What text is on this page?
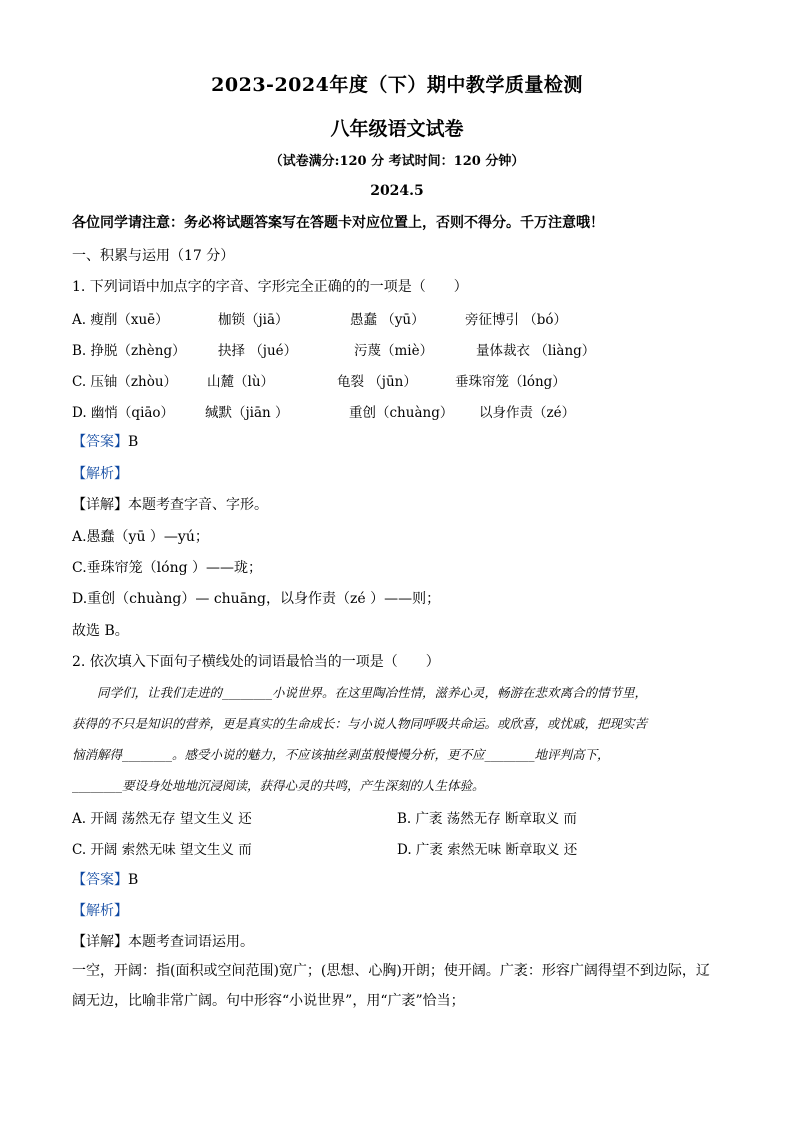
2023-2024年度（下）期中教学质量检测
八年级语文试卷
（试卷满分:120 分 考试时间：120 分钟）
2024.5
各位同学请注意：务必将试题答案写在答题卡对应位置上，否则不得分。千万注意哦！
一、积累与运用（17 分）
1. 下列词语中加点字的字音、字形完全正确的的一项是（　　）
A. 瘦削（xuē）	枷锁（jiā）	愚蠢 （yū）	旁征博引 （bó）
B. 挣脱（zhèng） 抉择 （jué）	污蔑（miè）	量体裁衣 （liàng）
C. 压铀（zhòu） 山麓（lù）	龟裂 （jūn）	垂珠帘笼（lóng）
D. 幽悄（qiāo） 缄默（jiān ）	重创（chuàng） 以身作责（zé）
【答案】B
【解析】
【详解】本题考查字音、字形。
A.愚蠢（yū ）—yú；
C.垂珠帘笼（lóng ）——珑；
D.重创（chuàng）— chuāng，以身作责（zé ）——则；
故选 B。
2. 依次填入下面句子横线处的词语最恰当的一项是（　　）
　　同学们，让我们走进的________小说世界。在这里陶冶性情，滋养心灵，畅游在悲欢离合的情节里，
获得的不只是知识的营养，更是真实的生命成长：与小说人物同呼吸共命运。或欣喜，或忧戚，把现实苦
恼消解得________。感受小说的魅力，不应该抽丝剥茧般慢慢分析，更不应________地评判高下，
________要设身处地地沉浸阅读，获得心灵的共鸣，产生深刻的人生体验。
A. 开阔 荡然无存 望文生义 还	B. 广袤 荡然无存 断章取义 而
C. 开阔 索然无味 望文生义 而	D. 广袤 索然无味 断章取义 还
【答案】B
【解析】
【详解】本题考查词语运用。
一空，开阔：指(面积或空间范围)宽广；(思想、心胸)开朗；使开阔。广袤：形容广阔得望不到边际，辽阔无边，比喻非常广阔。句中形容“小说世界”，用“广袤”恰当；
